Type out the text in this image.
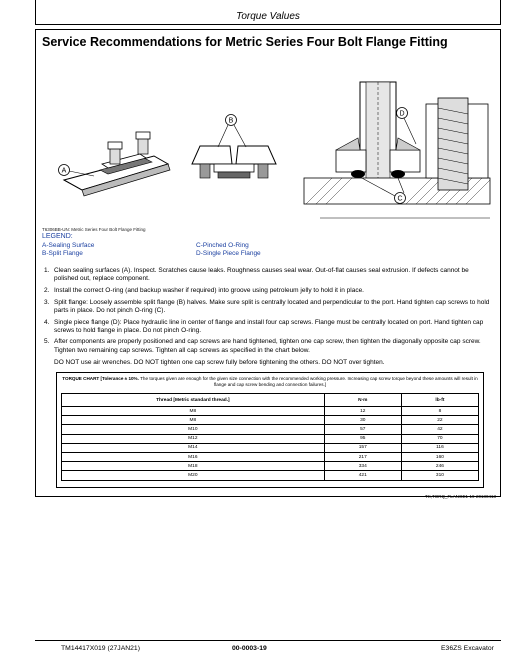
Torque Values
Service Recommendations for Metric Series Four Bolt Flange Fitting
A
B
D
C
T6306BB-UN: Metric Series Four Bolt Flange Fitting
LEGEND:
A-Sealing Surface	C-Pinched O-Ring
B-Split Flange	D-Single Piece Flange
1. Clean sealing surfaces (A). Inspect. Scratches cause leaks. Roughness causes seal wear. Out-of-flat causes seal extrusion. If defects cannot be polished out, replace component.
2. Install the correct O-ring (and backup washer if required) into groove using petroleum jelly to hold it in place.
3. Split flange: Loosely assemble split flange (B) halves. Make sure split is centrally located and perpendicular to the port. Hand tighten cap screws to hold parts in place. Do not pinch O-ring (C).
4. Single piece flange (D): Place hydraulic line in center of flange and install four cap screws. Flange must be centrally located on port. Hand tighten cap screws to hold flange in place. Do not pinch O-ring.
5. After components are properly positioned and cap screws are hand tightened, tighten one cap screw, then tighten the diagonally opposite cap screw. Tighten two remaining cap screws. Tighten all cap screws as specified in the chart below.
DO NOT use air wrenches. DO NOT tighten one cap screw fully before tightening the others. DO NOT over tighten.
TORQUE CHART [Tolerance ± 10%. The torques given are enough for the given size connection with the recommended working pressure. Increasing cap screw torque beyond these amounts will result in flange and cap screw bending and connection failures.]
Thread [Metric standard thread.]	N·m	lb-ft
M8	12	8
M8	30	22
M10	57	42
M12	95	70
M14	157	116
M16	217	160
M18	334	246
M20	421	310
TX,TORQ_FLANGE1-19-20180413
TM14417X019 (27JAN21)	00-0003-19	E36ZS Excavator
